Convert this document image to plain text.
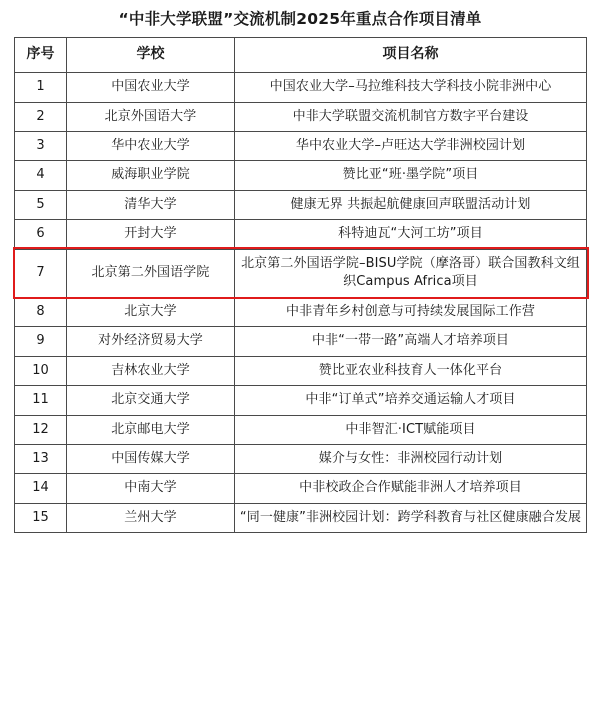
“中非大学联盟”交流机制2025年重点合作项目清单
序号	学校	项目名称
1	中国农业大学	中国农业大学–马拉维科技大学科技小院非洲中心
2	北京外国语大学	中非大学联盟交流机制官方数字平台建设
3	华中农业大学	华中农业大学–卢旺达大学非洲校园计划
4	威海职业学院	赞比亚“班·墨学院”项目
5	清华大学	健康无界 共振起航健康回声联盟活动计划
6	开封大学	科特迪瓦“大河工坊”项目
7	北京第二外国语学院	北京第二外国语学院–BISU学院（摩洛哥）联合国教科文组织Campus Africa项目
8	北京大学	中非青年乡村创意与可持续发展国际工作营
9	对外经济贸易大学	中非“一带一路”高端人才培养项目
10	吉林农业大学	赞比亚农业科技育人一体化平台
11	北京交通大学	中非“订单式”培养交通运输人才项目
12	北京邮电大学	中非智汇·ICT赋能项目
13	中国传媒大学	媒介与女性：非洲校园行动计划
14	中南大学	中非校政企合作赋能非洲人才培养项目
15	兰州大学	“同一健康”非洲校园计划：跨学科教育与社区健康融合发展
